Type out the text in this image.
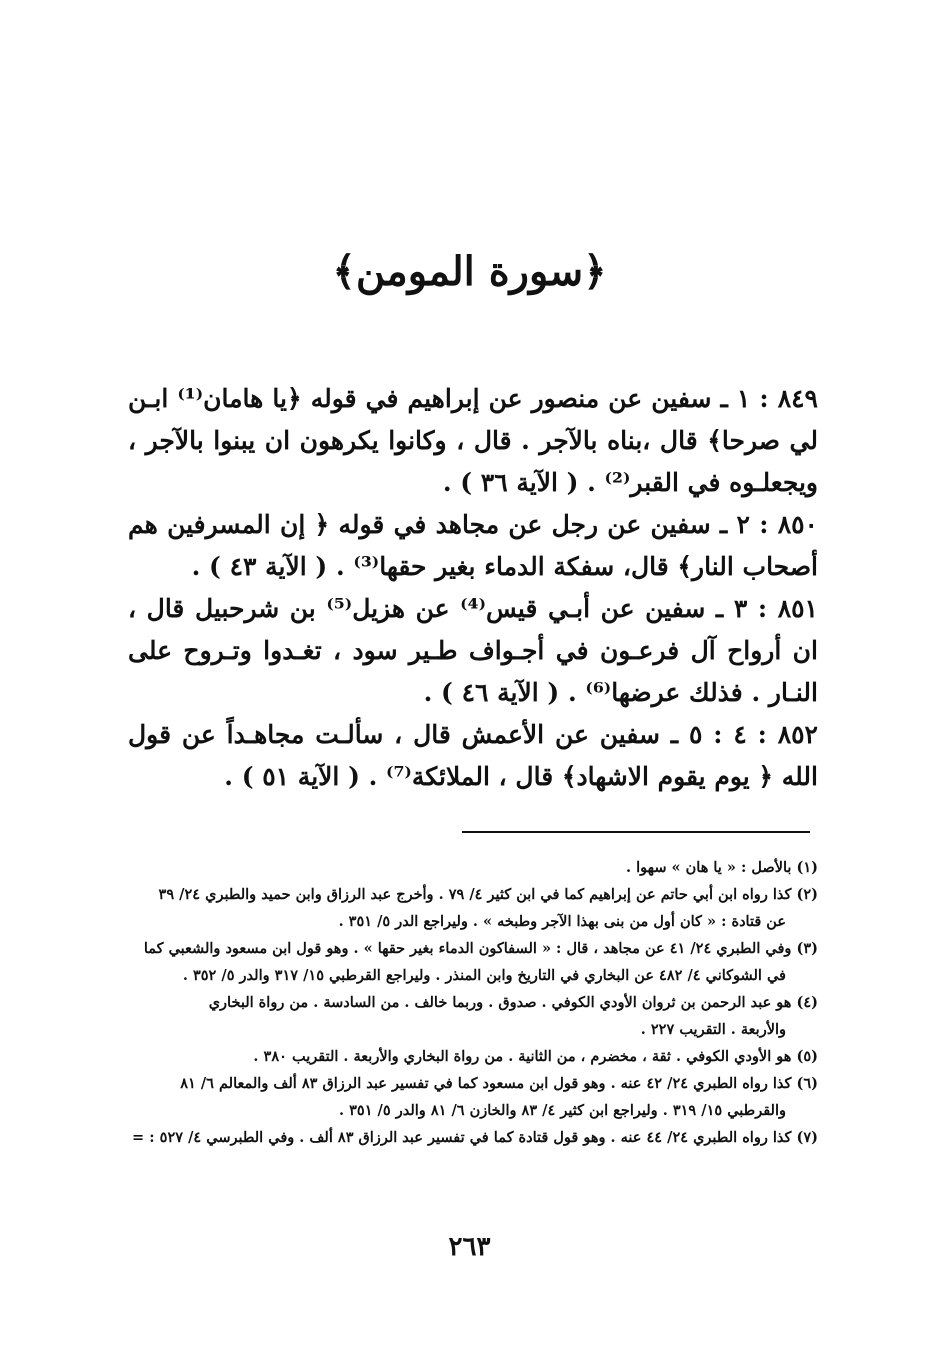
﴿سورة المومن﴾

٨٤٩ : ١ ـ سفين عن منصور عن إبراهيم في قوله ﴿يا هامان⁽¹⁾ ابـن لي صرحا﴾ قال ،بناه بالآجر . قال ، وكانوا يكرهون ان يبنوا بالآجر ، ويجعلـوه في القبر⁽²⁾ . ( الآية ٣٦ ) .

٨٥٠ : ٢ ـ سفين عن رجل عن مجاهد في قوله ﴿ إن المسرفين هم أصحاب النار﴾ قال، سفكة الدماء بغير حقها⁽³⁾ . ( الآية ٤٣ ) .

٨٥١ : ٣ ـ سفين عن أبـي قيس⁽⁴⁾ عن هزيل⁽⁵⁾ بن شرحبيل قال ، ان أرواح آل فرعـون في أجـواف طـير سود ، تغـدوا وتـروح على النـار . فذلك عرضها⁽⁶⁾ . ( الآية ٤٦ ) .

٨٥٢ : ٤ : ٥ ـ سفين عن الأعمش قال ، سألـت مجاهـداً عن قول الله ﴿ يوم يقوم الاشهاد﴾ قال ، الملائكة⁽⁷⁾ . ( الآية ٥١ ) .

(١) بالأصل : « يا هان » سهوا .

(٢) كذا رواه ابن أبي حاتم عن إبراهيم كما في ابن كثير ٤/ ٧٩ . وأخرج عبد الرزاق وابن حميد والطبري ٢٤/ ٣٩

عن قتادة : « كان أول من بنى بهذا الآجر وطبخه » . وليراجع الدر ٥/ ٣٥١ .

(٣) وفي الطبري ٢٤/ ٤١ عن مجاهد ، قال : « السفاكون الدماء بغير حقها » . وهو قول ابن مسعود والشعبي كما

في الشوكاني ٤/ ٤٨٢ عن البخاري في التاريخ وابن المنذر . وليراجع القرطبي ١٥/ ٣١٧ والدر ٥/ ٣٥٢ .

(٤) هو عبد الرحمن بن ثروان الأودي الكوفي . صدوق . وربما خالف . من السادسة . من رواة البخاري

والأربعة . التقريب ٢٢٧ .

(٥) هو الأودي الكوفي . ثقة ، مخضرم ، من الثانية . من رواة البخاري والأربعة . التقريب ٣٨٠ .

(٦) كذا رواه الطبري ٢٤/ ٤٢ عنه . وهو قول ابن مسعود كما في تفسير عبد الرزاق ٨٣ ألف والمعالم ٦/ ٨١

والقرطبي ١٥/ ٣١٩ . وليراجع ابن كثير ٤/ ٨٣ والخازن ٦/ ٨١ والدر ٥/ ٣٥١ .

(٧) كذا رواه الطبري ٢٤/ ٤٤ عنه . وهو قول قتادة كما في تفسير عبد الرزاق ٨٣ ألف . وفي الطبرسي ٤/ ٥٢٧ : =

٢٦٣
